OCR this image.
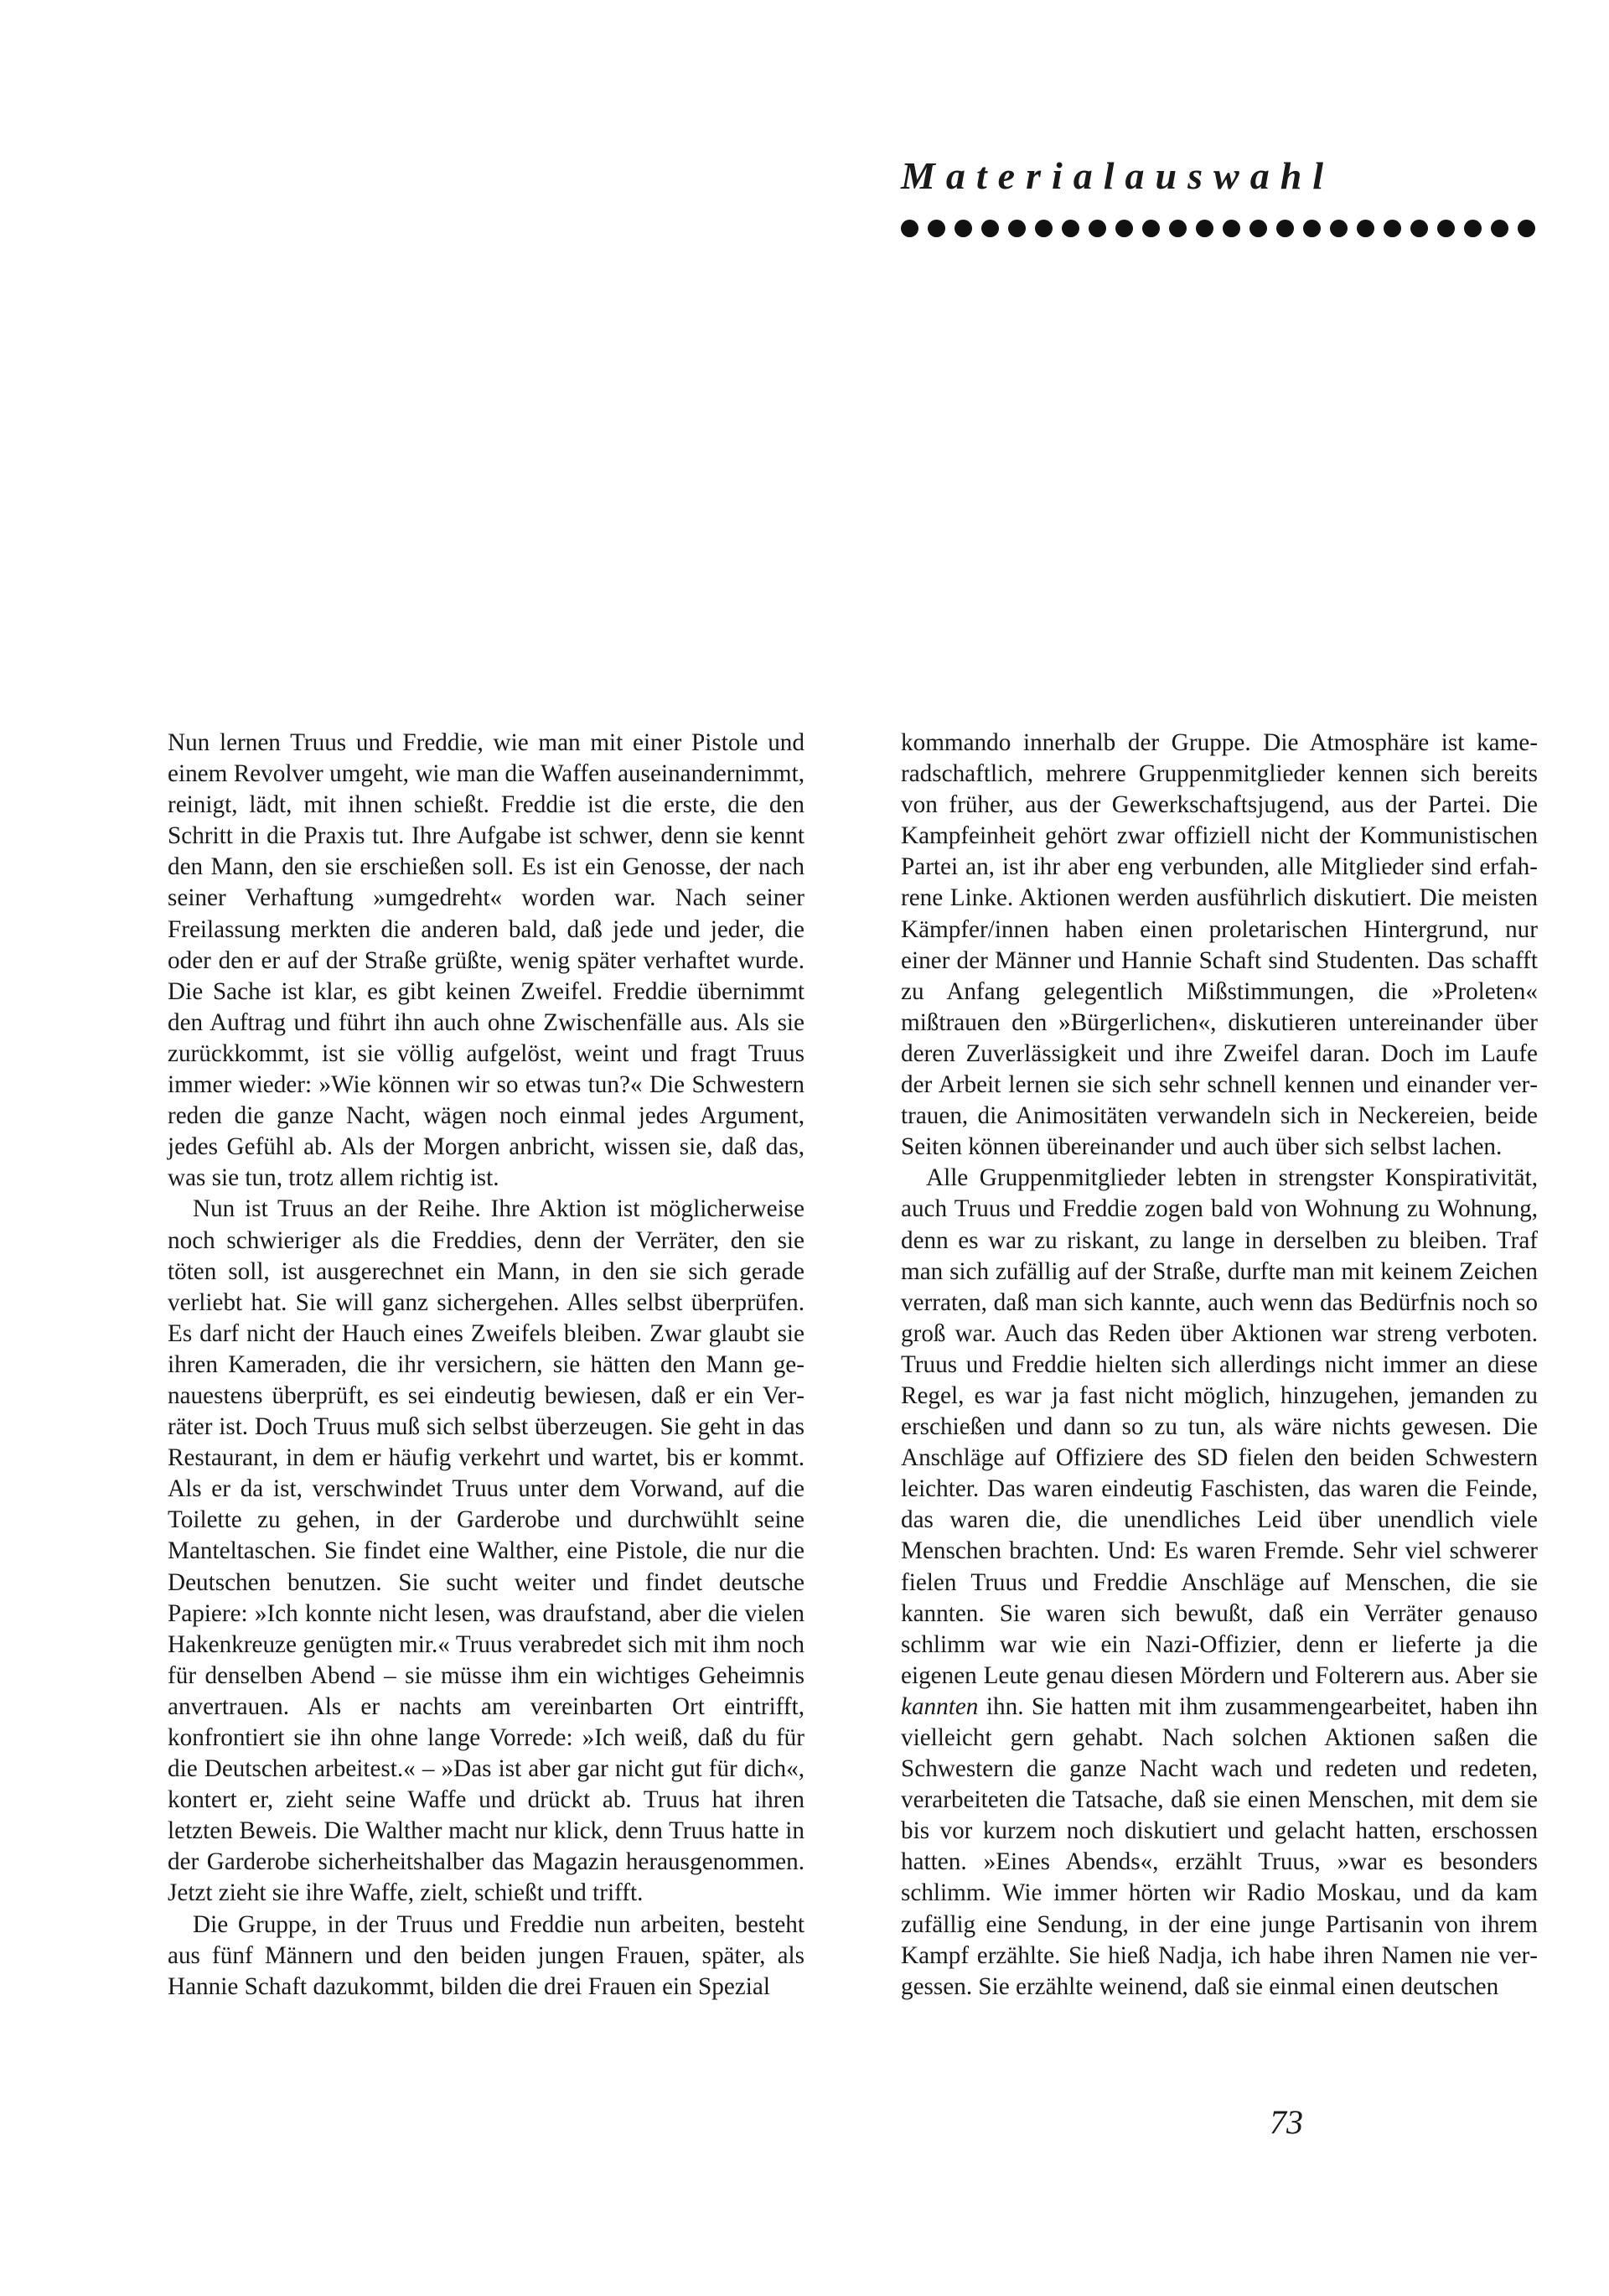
Materialauswahl

Nun lernen Truus und Freddie, wie man mit einer Pistole und einem Revolver umgeht, wie man die Waffen auseinandernimmt, reinigt, lädt, mit ihnen schießt. Freddie ist die erste, die den Schritt in die Praxis tut. Ihre Aufgabe ist schwer, denn sie kennt den Mann, den sie erschießen soll. Es ist ein Genosse, der nach seiner Verhaftung »umgedreht« worden war. Nach seiner Freilassung merkten die anderen bald, daß jede und jeder, die oder den er auf der Straße grüßte, wenig später verhaftet wurde. Die Sache ist klar, es gibt keinen Zweifel. Freddie übernimmt den Auftrag und führt ihn auch ohne Zwischenfälle aus. Als sie zurückkommt, ist sie völlig aufgelöst, weint und fragt Truus immer wieder: »Wie können wir so etwas tun?« Die Schwestern reden die ganze Nacht, wägen noch einmal jedes Argument, jedes Gefühl ab. Als der Morgen anbricht, wissen sie, daß das, was sie tun, trotz allem richtig ist.

Nun ist Truus an der Reihe. Ihre Aktion ist möglicherweise noch schwieriger als die Freddies, denn der Verräter, den sie töten soll, ist ausgerechnet ein Mann, in den sie sich gerade verliebt hat. Sie will ganz sichergehen. Alles selbst überprüfen. Es darf nicht der Hauch eines Zweifels bleiben. Zwar glaubt sie ihren Kameraden, die ihr versichern, sie hätten den Mann genauestens überprüft, es sei eindeutig bewiesen, daß er ein Verräter ist. Doch Truus muß sich selbst überzeugen. Sie geht in das Restaurant, in dem er häufig verkehrt und wartet, bis er kommt. Als er da ist, verschwindet Truus unter dem Vorwand, auf die Toilette zu gehen, in der Garderobe und durchwühlt seine Manteltaschen. Sie findet eine Walther, eine Pistole, die nur die Deutschen benutzen. Sie sucht weiter und findet deutsche Papiere: »Ich konnte nicht lesen, was draufstand, aber die vielen Hakenkreuze genügten mir.« Truus verabredet sich mit ihm noch für denselben Abend – sie müsse ihm ein wichtiges Geheimnis anvertrauen. Als er nachts am vereinbarten Ort eintrifft, konfrontiert sie ihn ohne lange Vorrede: »Ich weiß, daß du für die Deutschen arbeitest.« – »Das ist aber gar nicht gut für dich«, kontert er, zieht seine Waffe und drückt ab. Truus hat ihren letzten Beweis. Die Walther macht nur klick, denn Truus hatte in der Garderobe sicherheitshalber das Magazin herausgenommen. Jetzt zieht sie ihre Waffe, zielt, schießt und trifft.

Die Gruppe, in der Truus und Freddie nun arbeiten, besteht aus fünf Männern und den beiden jungen Frauen, später, als Hannie Schaft dazukommt, bilden die drei Frauen ein Spezial

kommando innerhalb der Gruppe. Die Atmosphäre ist kameradschaftlich, mehrere Gruppenmitglieder kennen sich bereits von früher, aus der Gewerkschaftsjugend, aus der Partei. Die Kampfeinheit gehört zwar offiziell nicht der Kommunistischen Partei an, ist ihr aber eng verbunden, alle Mitglieder sind erfahrene Linke. Aktionen werden ausführlich diskutiert. Die meisten Kämpfer/innen haben einen proletarischen Hintergrund, nur einer der Männer und Hannie Schaft sind Studenten. Das schafft zu Anfang gelegentlich Mißstimmungen, die »Proleten« mißtrauen den »Bürgerlichen«, diskutieren untereinander über deren Zuverlässigkeit und ihre Zweifel daran. Doch im Laufe der Arbeit lernen sie sich sehr schnell kennen und einander vertrauen, die Animositäten verwandeln sich in Neckereien, beide Seiten können übereinander und auch über sich selbst lachen.

Alle Gruppenmitglieder lebten in strengster Konspirativität, auch Truus und Freddie zogen bald von Wohnung zu Wohnung, denn es war zu riskant, zu lange in derselben zu bleiben. Traf man sich zufällig auf der Straße, durfte man mit keinem Zeichen verraten, daß man sich kannte, auch wenn das Bedürfnis noch so groß war. Auch das Reden über Aktionen war streng verboten. Truus und Freddie hielten sich allerdings nicht immer an diese Regel, es war ja fast nicht möglich, hinzugehen, jemanden zu erschießen und dann so zu tun, als wäre nichts gewesen. Die Anschläge auf Offiziere des SD fielen den beiden Schwestern leichter. Das waren eindeutig Faschisten, das waren die Feinde, das waren die, die unendliches Leid über unendlich viele Menschen brachten. Und: Es waren Fremde. Sehr viel schwerer fielen Truus und Freddie Anschläge auf Menschen, die sie kannten. Sie waren sich bewußt, daß ein Verräter genauso schlimm war wie ein Nazi-Offizier, denn er lieferte ja die eigenen Leute genau diesen Mördern und Folterern aus. Aber sie kannten ihn. Sie hatten mit ihm zusammengearbeitet, haben ihn vielleicht gern gehabt. Nach solchen Aktionen saßen die Schwestern die ganze Nacht wach und redeten und redeten, verarbeiteten die Tatsache, daß sie einen Menschen, mit dem sie bis vor kurzem noch diskutiert und gelacht hatten, erschossen hatten. »Eines Abends«, erzählt Truus, »war es besonders schlimm. Wie immer hörten wir Radio Moskau, und da kam zufällig eine Sendung, in der eine junge Partisanin von ihrem Kampf erzählte. Sie hieß Nadja, ich habe ihren Namen nie vergessen. Sie erzählte weinend, daß sie einmal einen deutschen

73
